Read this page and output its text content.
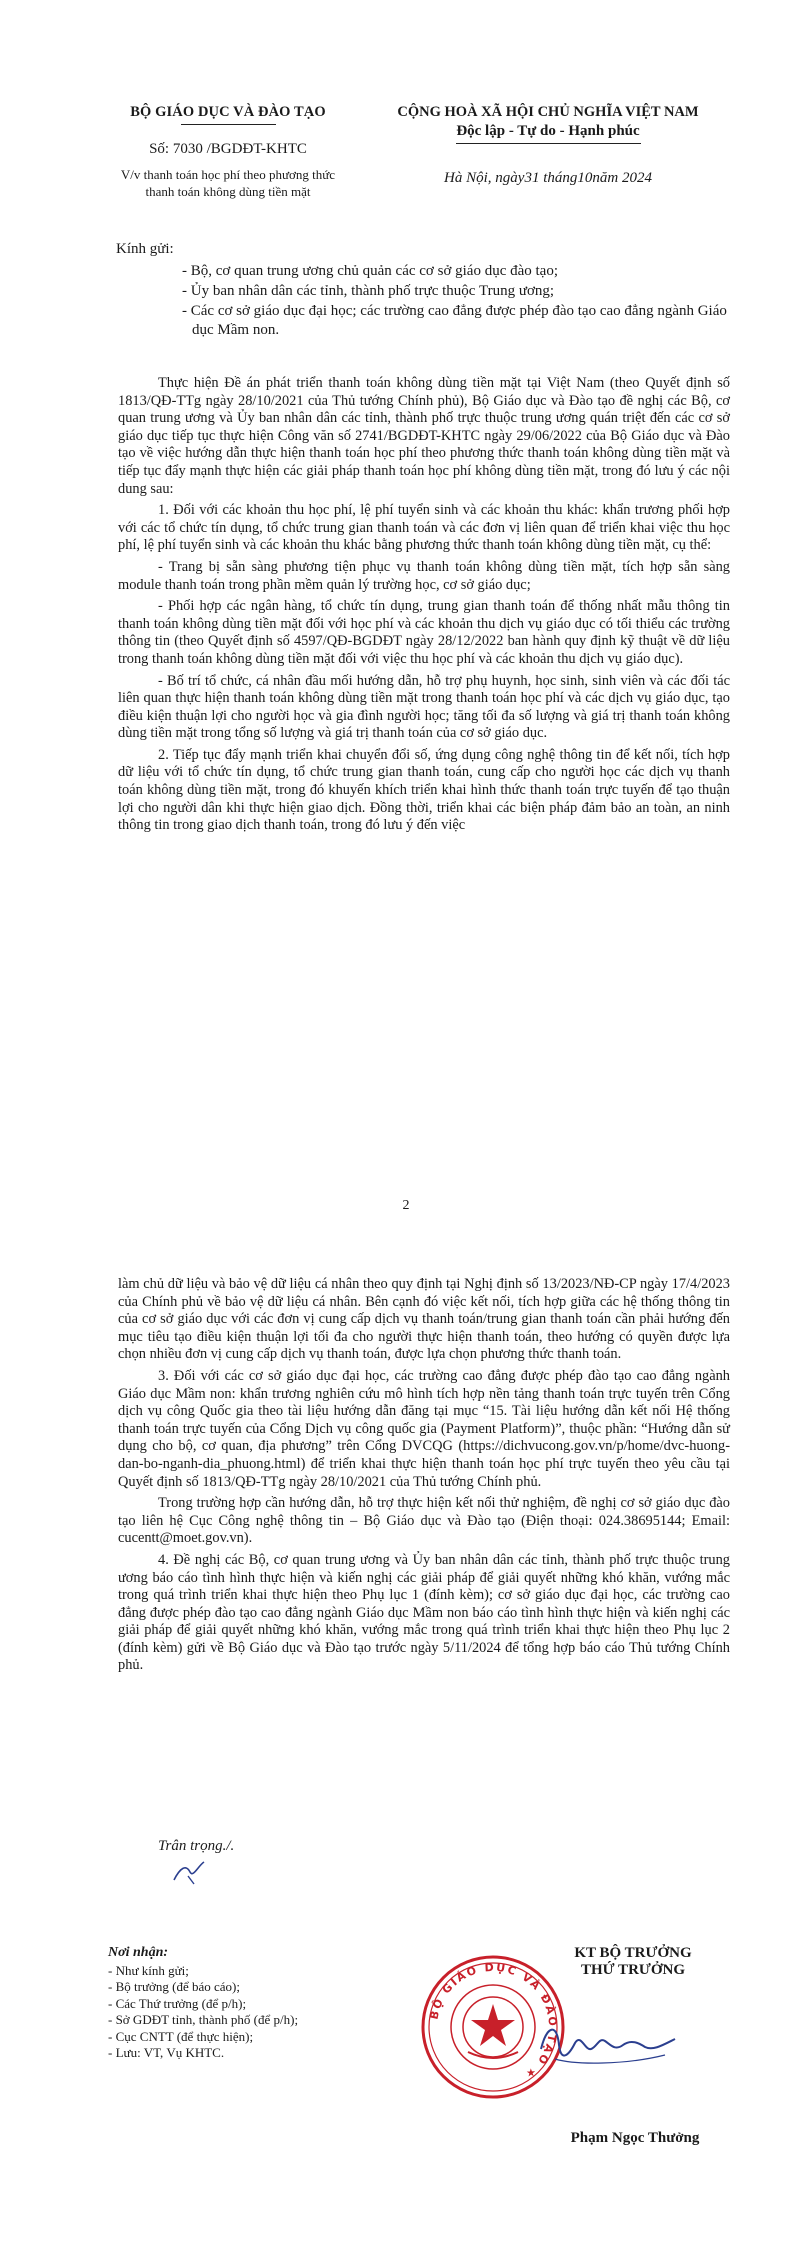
BỘ GIÁO DỤC VÀ ĐÀO TẠO
Số: 7030 /BGDĐT-KHTC
V/v thanh toán học phí theo phương thức
thanh toán không dùng tiền mặt
CỘNG HOÀ XÃ HỘI CHỦ NGHĨA VIỆT NAM
Độc lập - Tự do - Hạnh phúc
Hà Nội, ngày31 tháng10năm 2024
Kính gửi:
- Bộ, cơ quan trung ương chủ quản các cơ sở giáo dục đào tạo;
- Ủy ban nhân dân các tỉnh, thành phố trực thuộc Trung ương;
- Các cơ sở giáo dục đại học; các trường cao đẳng được phép đào tạo cao đẳng ngành Giáo dục Mầm non.

Thực hiện Đề án phát triển thanh toán không dùng tiền mặt tại Việt Nam (theo Quyết định số 1813/QĐ-TTg ngày 28/10/2021 của Thủ tướng Chính phủ), Bộ Giáo dục và Đào tạo đề nghị các Bộ, cơ quan trung ương và Ủy ban nhân dân các tỉnh, thành phố trực thuộc trung ương quán triệt đến các cơ sở giáo dục tiếp tục thực hiện Công văn số 2741/BGDĐT-KHTC ngày 29/06/2022 của Bộ Giáo dục và Đào tạo về việc hướng dẫn thực hiện thanh toán học phí theo phương thức thanh toán không dùng tiền mặt và tiếp tục đẩy mạnh thực hiện các giải pháp thanh toán học phí không dùng tiền mặt, trong đó lưu ý các nội dung sau:

1. Đối với các khoản thu học phí, lệ phí tuyển sinh và các khoản thu khác: khẩn trương phối hợp với các tổ chức tín dụng, tổ chức trung gian thanh toán và các đơn vị liên quan để triển khai việc thu học phí, lệ phí tuyển sinh và các khoản thu khác bằng phương thức thanh toán không dùng tiền mặt, cụ thể:

- Trang bị sẵn sàng phương tiện phục vụ thanh toán không dùng tiền mặt, tích hợp sẵn sàng module thanh toán trong phần mềm quản lý trường học, cơ sở giáo dục;

- Phối hợp các ngân hàng, tổ chức tín dụng, trung gian thanh toán để thống nhất mẫu thông tin thanh toán không dùng tiền mặt đối với học phí và các khoản thu dịch vụ giáo dục có tối thiểu các trường thông tin (theo Quyết định số 4597/QĐ-BGDĐT ngày 28/12/2022 ban hành quy định kỹ thuật về dữ liệu trong thanh toán không dùng tiền mặt đối với việc thu học phí và các khoản thu dịch vụ giáo dục).

- Bố trí tổ chức, cá nhân đầu mối hướng dẫn, hỗ trợ phụ huynh, học sinh, sinh viên và các đối tác liên quan thực hiện thanh toán không dùng tiền mặt trong thanh toán học phí và các dịch vụ giáo dục, tạo điều kiện thuận lợi cho người học và gia đình người học; tăng tối đa số lượng và giá trị thanh toán không dùng tiền mặt trong tổng số lượng và giá trị thanh toán của cơ sở giáo dục.

2. Tiếp tục đẩy mạnh triển khai chuyển đổi số, ứng dụng công nghệ thông tin để kết nối, tích hợp dữ liệu với tổ chức tín dụng, tổ chức trung gian thanh toán, cung cấp cho người học các dịch vụ thanh toán không dùng tiền mặt, trong đó khuyến khích triển khai hình thức thanh toán trực tuyến để tạo thuận lợi cho người dân khi thực hiện giao dịch. Đồng thời, triển khai các biện pháp đảm bảo an toàn, an ninh thông tin trong giao dịch thanh toán, trong đó lưu ý đến việc

2

làm chủ dữ liệu và bảo vệ dữ liệu cá nhân theo quy định tại Nghị định số 13/2023/NĐ-CP ngày 17/4/2023 của Chính phủ về bảo vệ dữ liệu cá nhân. Bên cạnh đó việc kết nối, tích hợp giữa các hệ thống thông tin của cơ sở giáo dục với các đơn vị cung cấp dịch vụ thanh toán/trung gian thanh toán cần phải hướng đến mục tiêu tạo điều kiện thuận lợi tối đa cho người thực hiện thanh toán, theo hướng có quyền được lựa chọn nhiều đơn vị cung cấp dịch vụ thanh toán, được lựa chọn phương thức thanh toán.

3. Đối với các cơ sở giáo dục đại học, các trường cao đẳng được phép đào tạo cao đẳng ngành Giáo dục Mầm non: khẩn trương nghiên cứu mô hình tích hợp nền tảng thanh toán trực tuyến trên Cổng dịch vụ công Quốc gia theo tài liệu hướng dẫn đăng tại mục “15. Tài liệu hướng dẫn kết nối Hệ thống thanh toán trực tuyến của Cổng Dịch vụ công quốc gia (Payment Platform)”, thuộc phần: “Hướng dẫn sử dụng cho bộ, cơ quan, địa phương” trên Cổng DVCQG (https://dichvucong.gov.vn/p/home/dvc-huong-dan-bo-nganh-dia_phuong.html) để triển khai thực hiện thanh toán học phí trực tuyến theo yêu cầu tại Quyết định số 1813/QĐ-TTg ngày 28/10/2021 của Thủ tướng Chính phủ.

Trong trường hợp cần hướng dẫn, hỗ trợ thực hiện kết nối thử nghiệm, đề nghị cơ sở giáo dục đào tạo liên hệ Cục Công nghệ thông tin – Bộ Giáo dục và Đào tạo (Điện thoại: 024.38695144; Email: cucentt@moet.gov.vn).

4. Đề nghị các Bộ, cơ quan trung ương và Ủy ban nhân dân các tỉnh, thành phố trực thuộc trung ương báo cáo tình hình thực hiện và kiến nghị các giải pháp để giải quyết những khó khăn, vướng mắc trong quá trình triển khai thực hiện theo Phụ lục 1 (đính kèm); cơ sở giáo dục đại học, các trường cao đẳng được phép đào tạo cao đẳng ngành Giáo dục Mầm non báo cáo tình hình thực hiện và kiến nghị các giải pháp để giải quyết những khó khăn, vướng mắc trong quá trình triển khai thực hiện theo Phụ lục 2 (đính kèm) gửi về Bộ Giáo dục và Đào tạo trước ngày 5/11/2024 để tổng hợp báo cáo Thủ tướng Chính phủ.

Trân trọng./.
Nơi nhận:
- Như kính gửi;
- Bộ trưởng (để báo cáo);
- Các Thứ trưởng (để p/h);
- Sở GDĐT tỉnh, thành phố (để p/h);
- Cục CNTT (để thực hiện);
- Lưu: VT, Vụ KHTC.
BỘ GIÁO DỤC VÀ ĐÀO TẠO ★
KT BỘ TRƯỞNG
THỨ TRƯỞNG
Phạm Ngọc Thưởng
